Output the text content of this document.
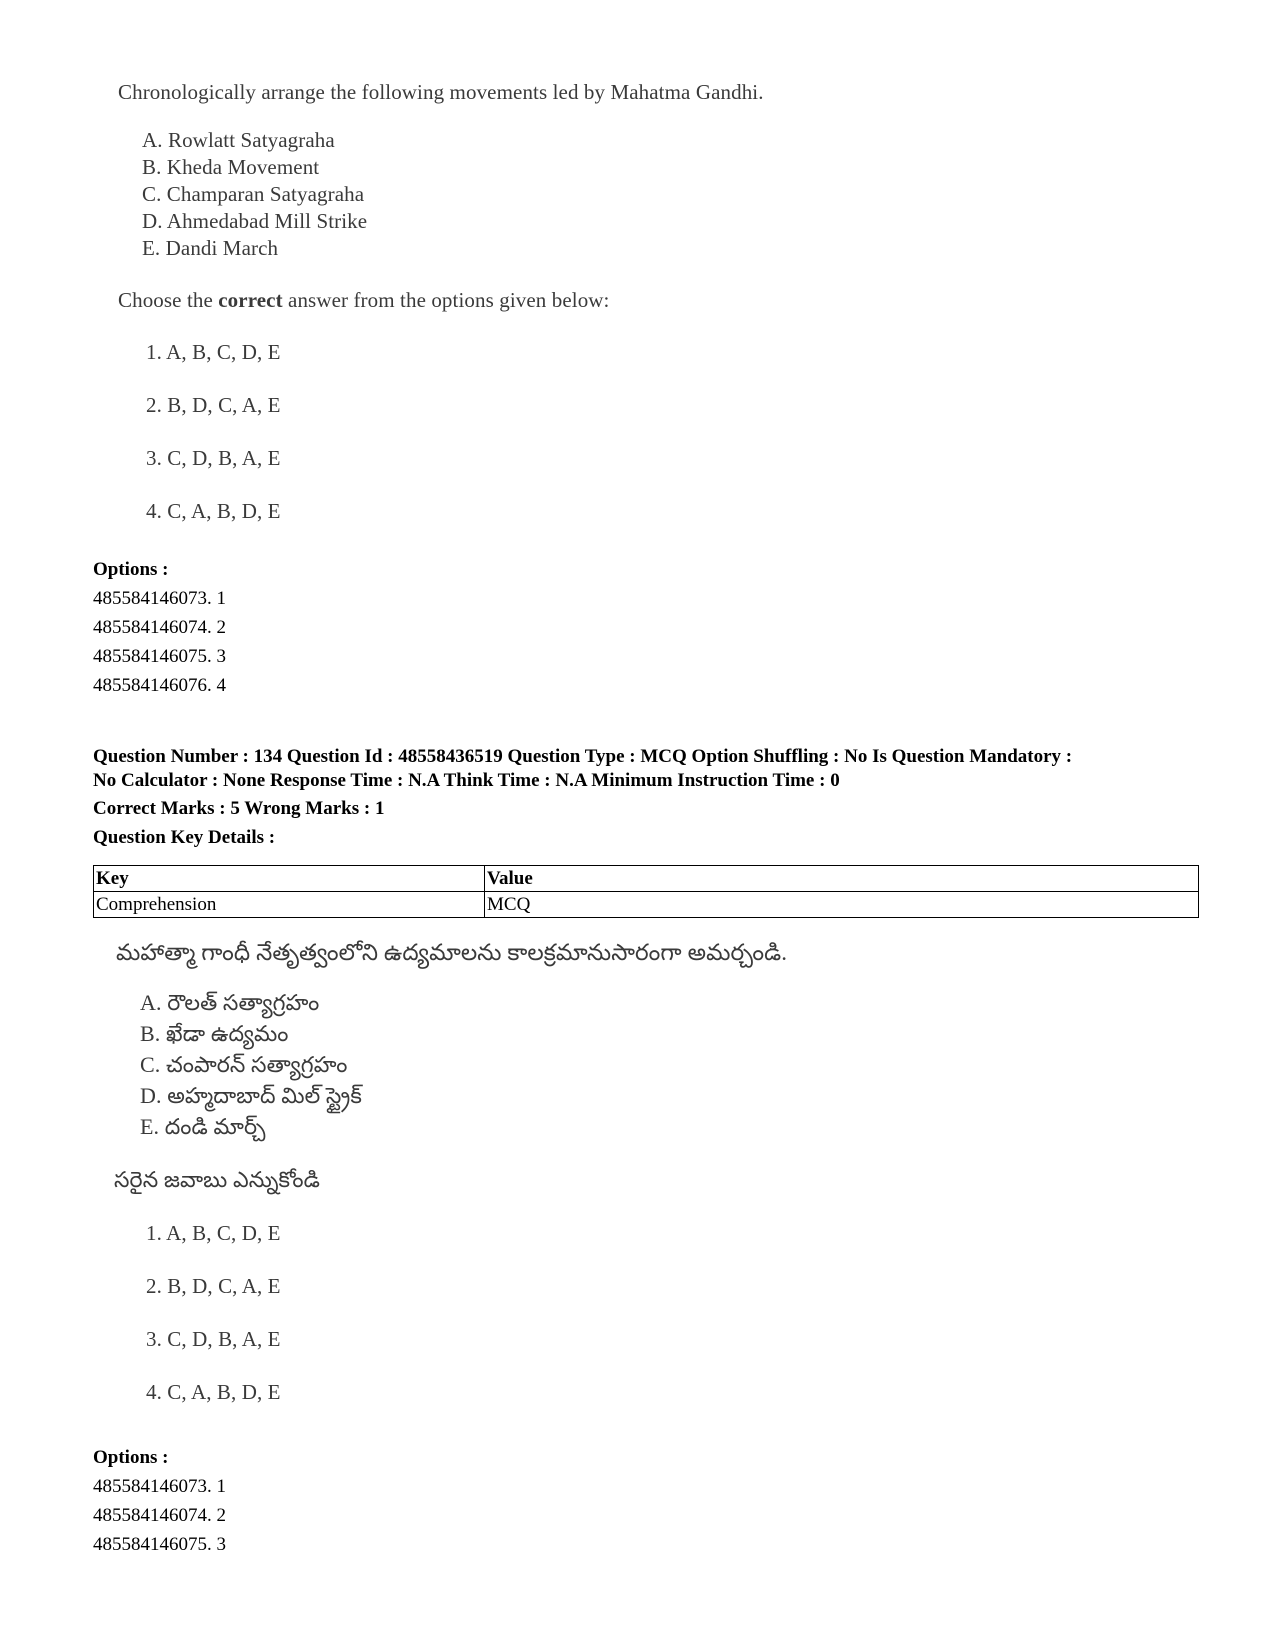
Chronologically arrange the following movements led by Mahatma Gandhi.
A. Rowlatt Satyagraha
B. Kheda Movement
C. Champaran Satyagraha
D. Ahmedabad Mill Strike
E. Dandi March
Choose the correct answer from the options given below:
1. A, B, C, D, E
2. B, D, C, A, E
3. C, D, B, A, E
4. C, A, B, D, E
Options :
485584146073. 1
485584146074. 2
485584146075. 3
485584146076. 4
Question Number : 134 Question Id : 48558436519 Question Type : MCQ Option Shuffling : No Is Question Mandatory :
No Calculator : None Response Time : N.A Think Time : N.A Minimum Instruction Time : 0
Correct Marks : 5 Wrong Marks : 1
Question Key Details :
Key	Value
Comprehension	MCQ
మహాత్మా గాంధీ నేతృత్వంలోని ఉద్యమాలను కాలక్రమానుసారంగా అమర్చండి.
A. రౌలత్ సత్యాగ్రహం
B. ఖేడా ఉద్యమం
C. చంపారన్ సత్యాగ్రహం
D. అహ్మదాబాద్ మిల్ స్ట్రైక్
E. దండి మార్చ్
సరైన జవాబు ఎన్నుకోండి
1. A, B, C, D, E
2. B, D, C, A, E
3. C, D, B, A, E
4. C, A, B, D, E
Options :
485584146073. 1
485584146074. 2
485584146075. 3
